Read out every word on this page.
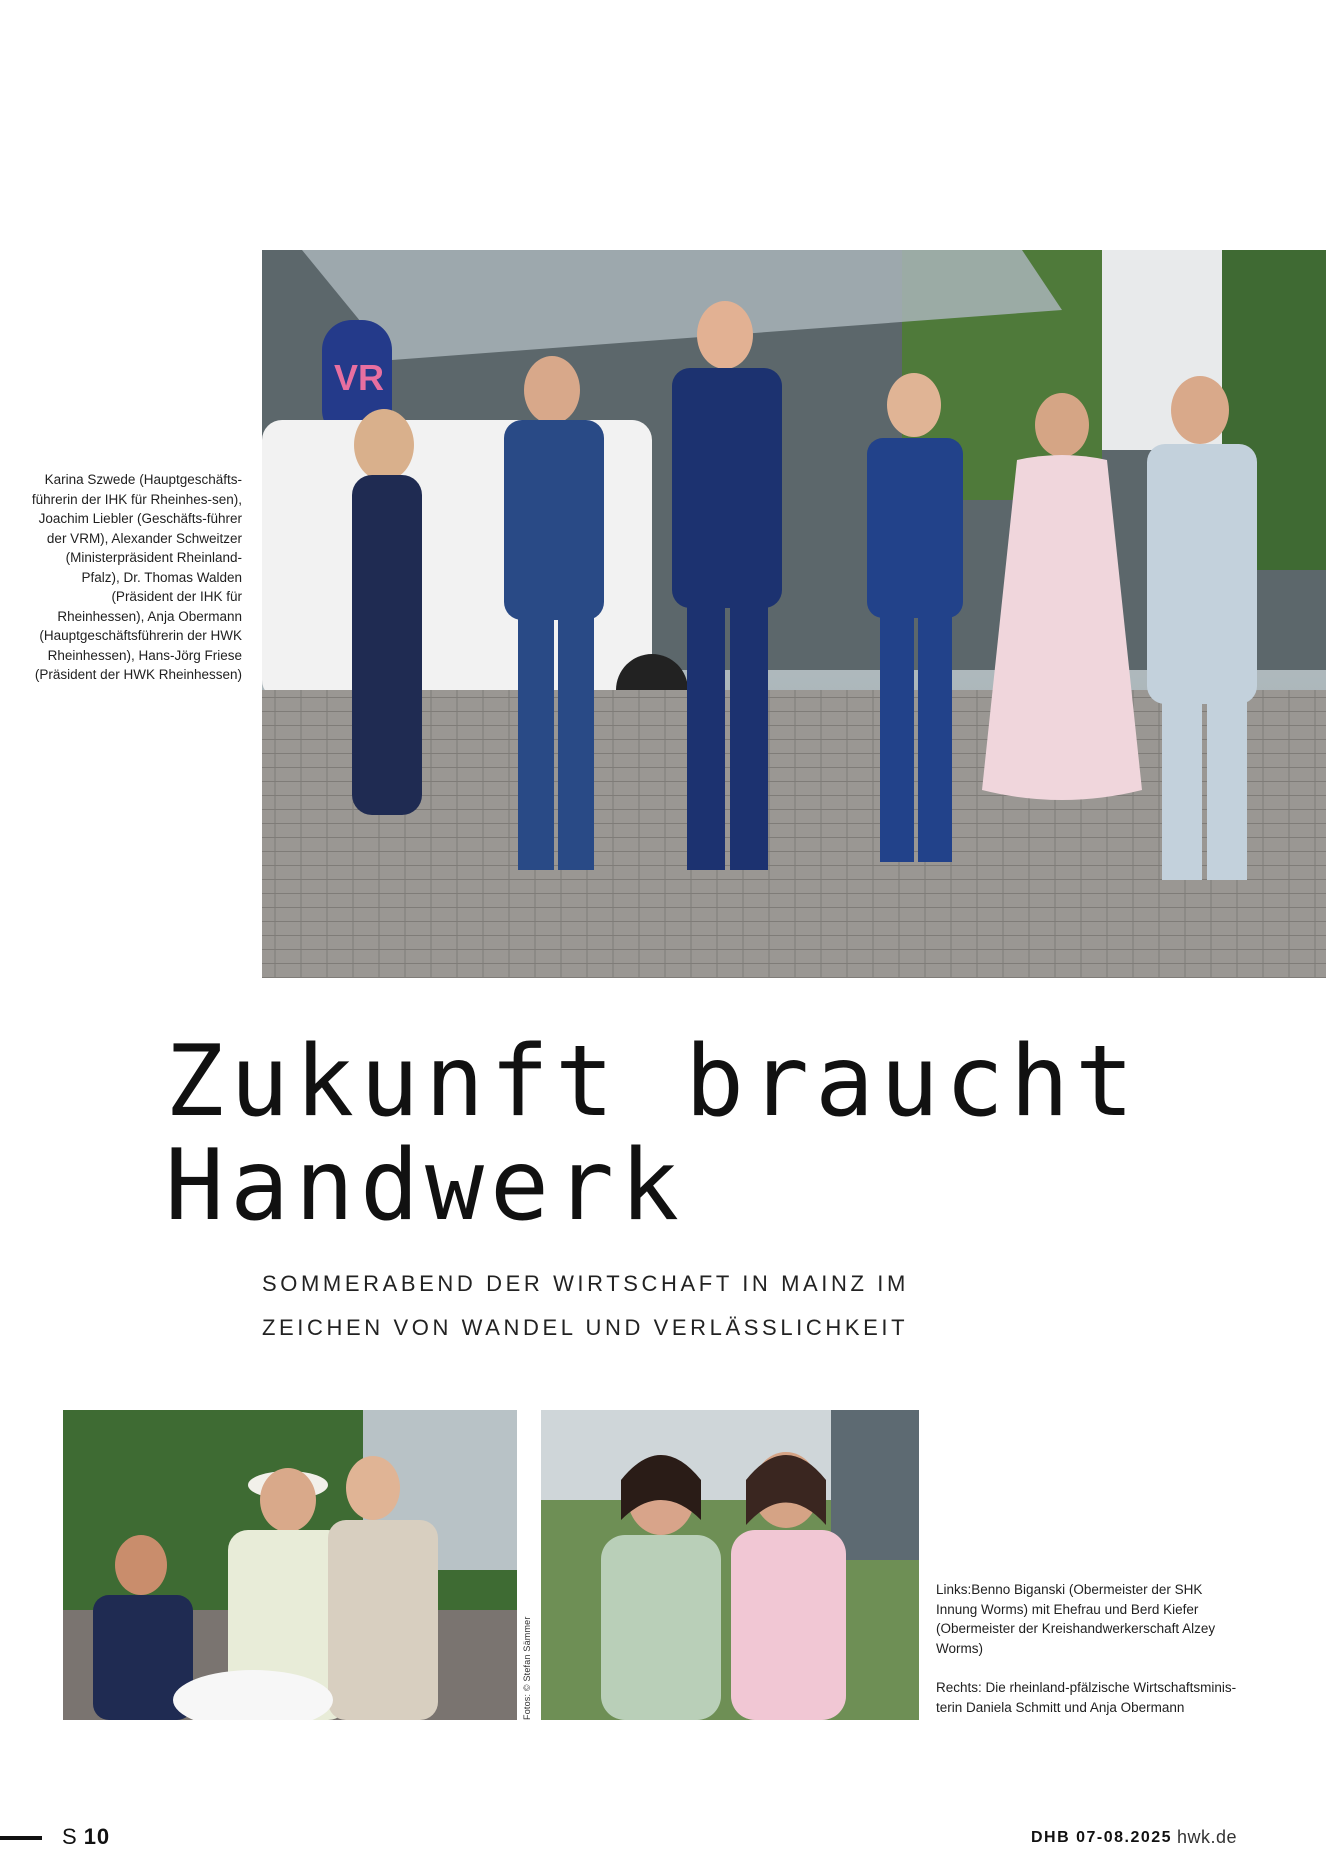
VR
Karina Szwede (Hauptgeschäfts-führerin der IHK für Rheinhes-sen), Joachim Liebler (Geschäfts-führer der VRM), Alexander Schweitzer (Ministerpräsident Rheinland-Pfalz), Dr. Thomas Walden (Präsident der IHK für Rheinhessen), Anja Obermann (Hauptgeschäftsführerin der HWK Rheinhessen), Hans-Jörg Friese (Präsident der HWK Rheinhessen)
Zukunft braucht
Handwerk

SOMMERABEND DER WIRTSCHAFT IN MAINZ IM ZEICHEN VON WANDEL UND VERLÄSSLICHKEIT

Fotos: © Stefan Sämmer

Links:Benno Biganski (Obermeister der SHK Innung Worms) mit Ehefrau und Berd Kiefer (Obermeister der Kreishandwerkerschaft Alzey Worms)

Rechts: Die rheinland-pfälzische Wirtschaftsminis-terin Daniela Schmitt und Anja Obermann

S 10	DHB 07-08.2025 hwk.de
